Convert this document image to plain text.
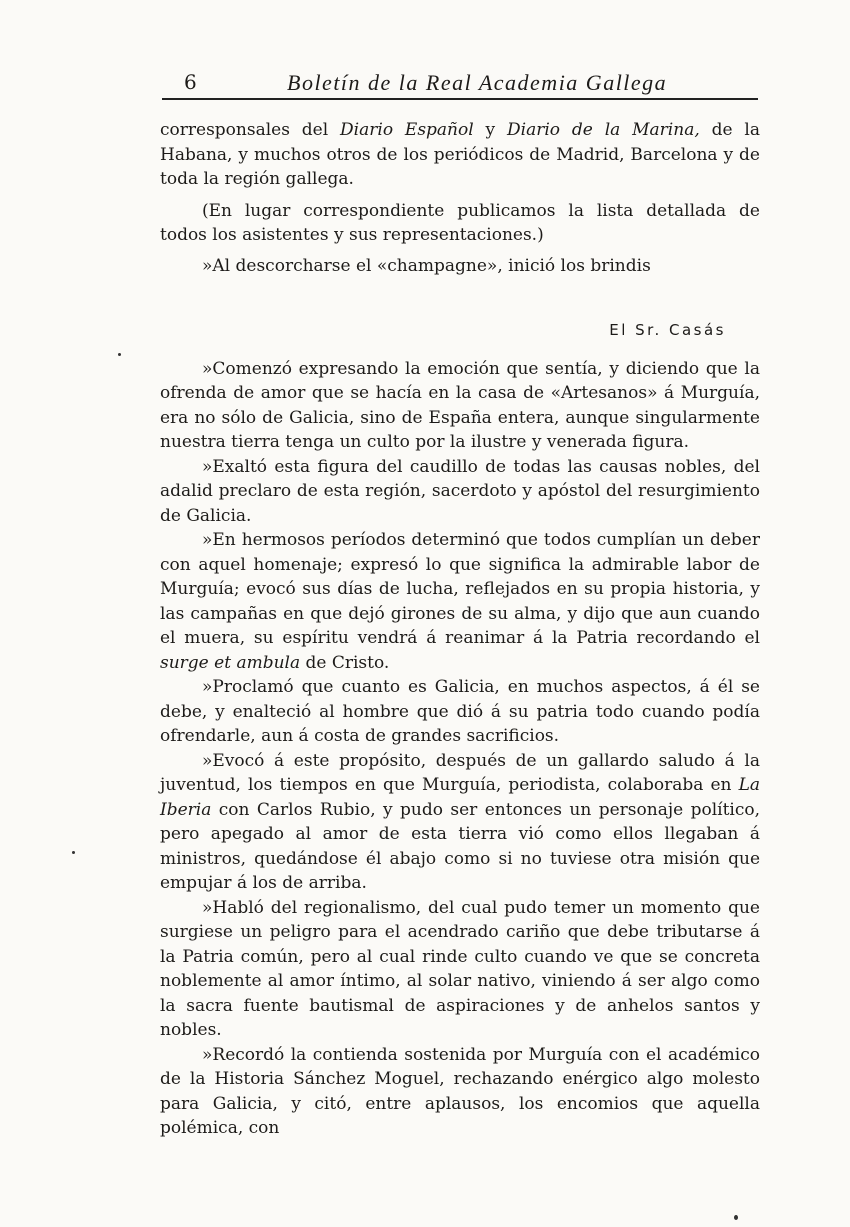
6	Boletín de la Real Academia Gallega

corresponsales del Diario Español y Diario de la Marina, de la Habana, y muchos otros de los periódicos de Madrid, Barcelona y de toda la región gallega.

(En lugar correspondiente publicamos la lista detallada de todos los asistentes y sus representaciones.)

»Al descorcharse el «champagne», inició los brindis

El Sr. Casás

»Comenzó expresando la emoción que sentía, y diciendo que la ofrenda de amor que se hacía en la casa de «Artesanos» á Murguía, era no sólo de Galicia, sino de España entera, aunque singularmente nuestra tierra tenga un culto por la ilustre y venerada figura.

»Exaltó esta figura del caudillo de todas las causas nobles, del adalid preclaro de esta región, sacerdoto y apóstol del resurgimiento de Galicia.

»En hermosos períodos determinó que todos cumplían un deber con aquel homenaje; expresó lo que significa la admirable labor de Murguía; evocó sus días de lucha, reflejados en su propia historia, y las campañas en que dejó girones de su alma, y dijo que aun cuando el muera, su espíritu vendrá á reanimar á la Patria recordando el surge et ambula de Cristo.

»Proclamó que cuanto es Galicia, en muchos aspectos, á él se debe, y enalteció al hombre que dió á su patria todo cuando podía ofrendarle, aun á costa de grandes sacrificios.

»Evocó á este propósito, después de un gallardo saludo á la juventud, los tiempos en que Murguía, periodista, colaboraba en La Iberia con Carlos Rubio, y pudo ser entonces un personaje político, pero apegado al amor de esta tierra vió como ellos llegaban á ministros, quedándose él abajo como si no tuviese otra misión que empujar á los de arriba.

»Habló del regionalismo, del cual pudo temer un momento que surgiese un peligro para el acendrado cariño que debe tributarse á la Patria común, pero al cual rinde culto cuando ve que se concreta noblemente al amor íntimo, al solar nativo, viniendo á ser algo como la sacra fuente bautismal de aspiraciones y de anhelos santos y nobles.

»Recordó la contienda sostenida por Murguía con el académico de la Historia Sánchez Moguel, rechazando enérgico algo molesto para Galicia, y citó, entre aplausos, los encomios que aquella polémica, con
